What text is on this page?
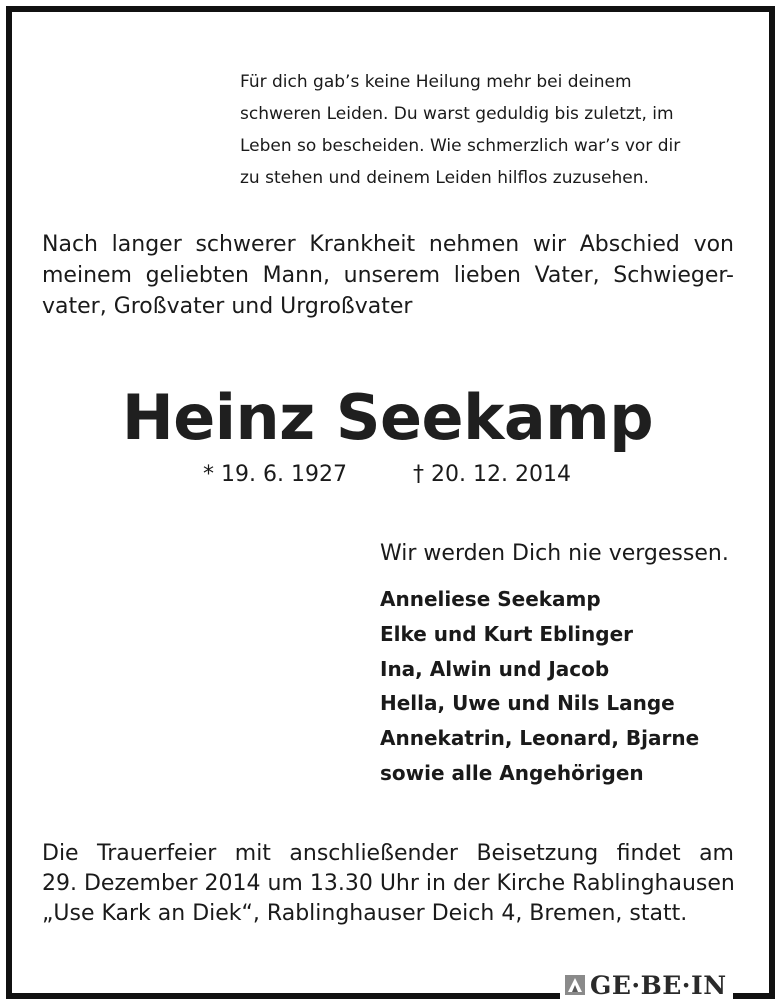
Für dich gab’s keine Heilung mehr bei deinem
schweren Leiden. Du warst geduldig bis zuletzt, im
Leben so bescheiden. Wie schmerzlich war’s vor dir
zu stehen und deinem Leiden hilflos zuzusehen.
Nach langer schwerer Krankheit nehmen wir Abschied von
meinem geliebten Mann, unserem lieben Vater, Schwieger-
vater, Großvater und Urgroßvater
Heinz Seekamp
* 19. 6. 1927	† 20. 12. 2014
Wir werden Dich nie vergessen.
Anneliese Seekamp
Elke und Kurt Eblinger
Ina, Alwin und Jacob
Hella, Uwe und Nils Lange
Annekatrin, Leonard, Bjarne
sowie alle Angehörigen
Die Trauerfeier mit anschließender Beisetzung findet am
29. Dezember 2014 um 13.30 Uhr in der Kirche Rablinghausen
„Use Kark an Diek“, Rablinghauser Deich 4, Bremen, statt.
GE·BE·IN
